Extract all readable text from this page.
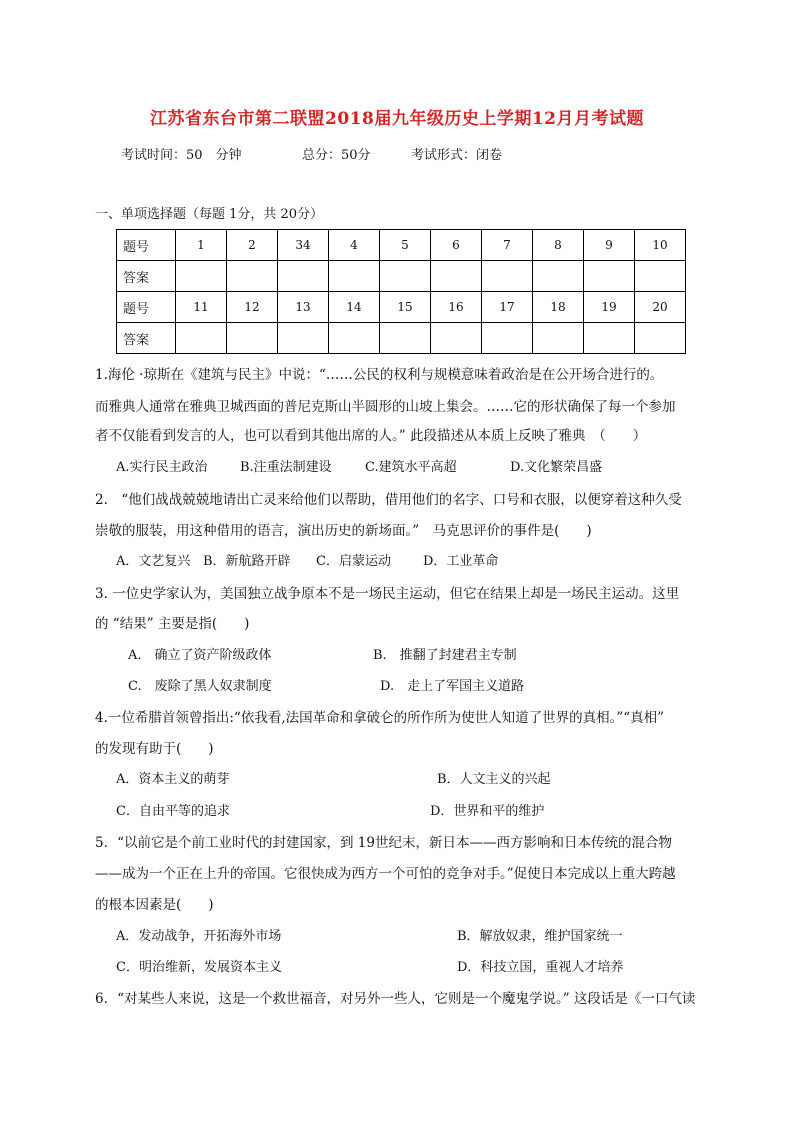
江苏省东台市第二联盟2018届九年级历史上学期12月月考试题
考试时间：50　分钟	总分：50分	考试形式：闭卷
一、单项选择题（每题 1分，共 20分）
题号	1	2	34	4	5	6	7	8	9	10
答案										
题号	11	12	13	14	15	16	17	18	19	20
答案										
1.海伦 ·琼斯在《建筑与民主》中说：“……公民的权利与规模意味着政治是在公开场合进行的。
而雅典人通常在雅典卫城西面的普尼克斯山半圆形的山坡上集会。……它的形状确保了每一个参加
者不仅能看到发言的人，也可以看到其他出席的人。” 此段描述从本质上反映了雅典　（　　）
A.实行民主政治 B.注重法制建设	C.建筑水平高超	D.文化繁荣昌盛
2.　“他们战战兢兢地请出亡灵来给他们以帮助，借用他们的名字、口号和衣服，以便穿着这种久受
崇敬的服装，用这种借用的语言，演出历史的新场面。”　马克思评价的事件是(　　)
A．文艺复兴 B．新航路开辟 C．启蒙运动 D．工业革命
3. 一位史学家认为，美国独立战争原本不是一场民主运动，但它在结果上却是一场民主运动。这里
的 “结果” 主要是指(　　)
A.　确立了资产阶级政体	B.　推翻了封建君主专制
C.　废除了黑人奴隶制度	D.　走上了军国主义道路
4.一位希腊首领曾指出:“依我看,法国革命和拿破仑的所作所为使世人知道了世界的真相。”“真相”
的发现有助于(　　)
A．资本主义的萌芽	B．人文主义的兴起
C．自由平等的追求	D．世界和平的维护
5．“以前它是个前工业时代的封建国家，到 19世纪末，新日本——西方影响和日本传统的混合物
——成为一个正在上升的帝国。它很快成为西方一个可怕的竞争对手。”促使日本完成以上重大跨越
的根本因素是(　　)
A．发动战争，开拓海外市场	B．解放奴隶，维护国家统一
C．明治维新，发展资本主义	D．科技立国，重视人才培养
6．“对某些人来说，这是一个救世福音，对另外一些人，它则是一个魔鬼学说。” 这段话是《一口气读
